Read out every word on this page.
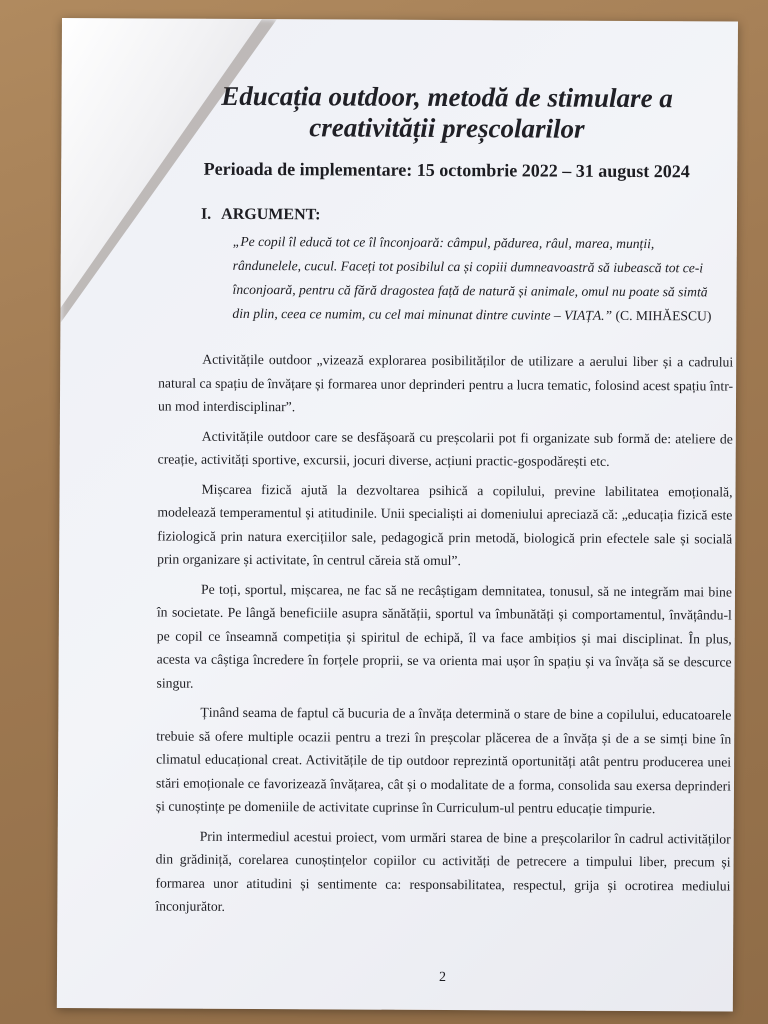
Educația outdoor, metodă de stimulare a
creativității preșcolarilor
Perioada de implementare: 15 octombrie 2022 – 31 august 2024
I. ARGUMENT:
„Pe copil îl educă tot ce îl înconjoară: câmpul, pădurea, râul, marea, munții, rândunelele, cucul. Faceți tot posibilul ca și copiii dumneavoastră să iubească tot ce-i înconjoară, pentru că fără dragostea față de natură și animale, omul nu poate să simtă din plin, ceea ce numim, cu cel mai minunat dintre cuvinte – VIAȚA.” (C. MIHĂESCU)

Activitățile outdoor „vizează explorarea posibilităților de utilizare a aerului liber și a cadrului natural ca spațiu de învățare și formarea unor deprinderi pentru a lucra tematic, folosind acest spațiu într-un mod interdisciplinar”.

Activitățile outdoor care se desfășoară cu preșcolarii pot fi organizate sub formă de: ateliere de creație, activități sportive, excursii, jocuri diverse, acțiuni practic-gospodărești etc.

Mișcarea fizică ajută la dezvoltarea psihică a copilului, previne labilitatea emoțională, modelează temperamentul și atitudinile. Unii specialiști ai domeniului apreciază că: „educația fizică este fiziologică prin natura exercițiilor sale, pedagogică prin metodă, biologică prin efectele sale și socială prin organizare și activitate, în centrul căreia stă omul”.

Pe toți, sportul, mișcarea, ne fac să ne recâștigam demnitatea, tonusul, să ne integrăm mai bine în societate. Pe lângă beneficiile asupra sănătății, sportul va îmbunătăți și comportamentul, învățându-l pe copil ce înseamnă competiția și spiritul de echipă, îl va face ambițios și mai disciplinat. În plus, acesta va câștiga încredere în forțele proprii, se va orienta mai ușor în spațiu și va învăța să se descurce singur.

Ținând seama de faptul că bucuria de a învăța determină o stare de bine a copilului, educatoarele trebuie să ofere multiple ocazii pentru a trezi în preșcolar plăcerea de a învăța și de a se simți bine în climatul educațional creat. Activitățile de tip outdoor reprezintă oportunități atât pentru producerea unei stări emoționale ce favorizează învățarea, cât și o modalitate de a forma, consolida sau exersa deprinderi și cunoștințe pe domeniile de activitate cuprinse în Curriculum-ul pentru educație timpurie.

Prin intermediul acestui proiect, vom urmări starea de bine a preșcolarilor în cadrul activităților din grădiniță, corelarea cunoștințelor copiilor cu activități de petrecere a timpului liber, precum și formarea unor atitudini și sentimente ca: responsabilitatea, respectul, grija și ocrotirea mediului înconjurător.

2
